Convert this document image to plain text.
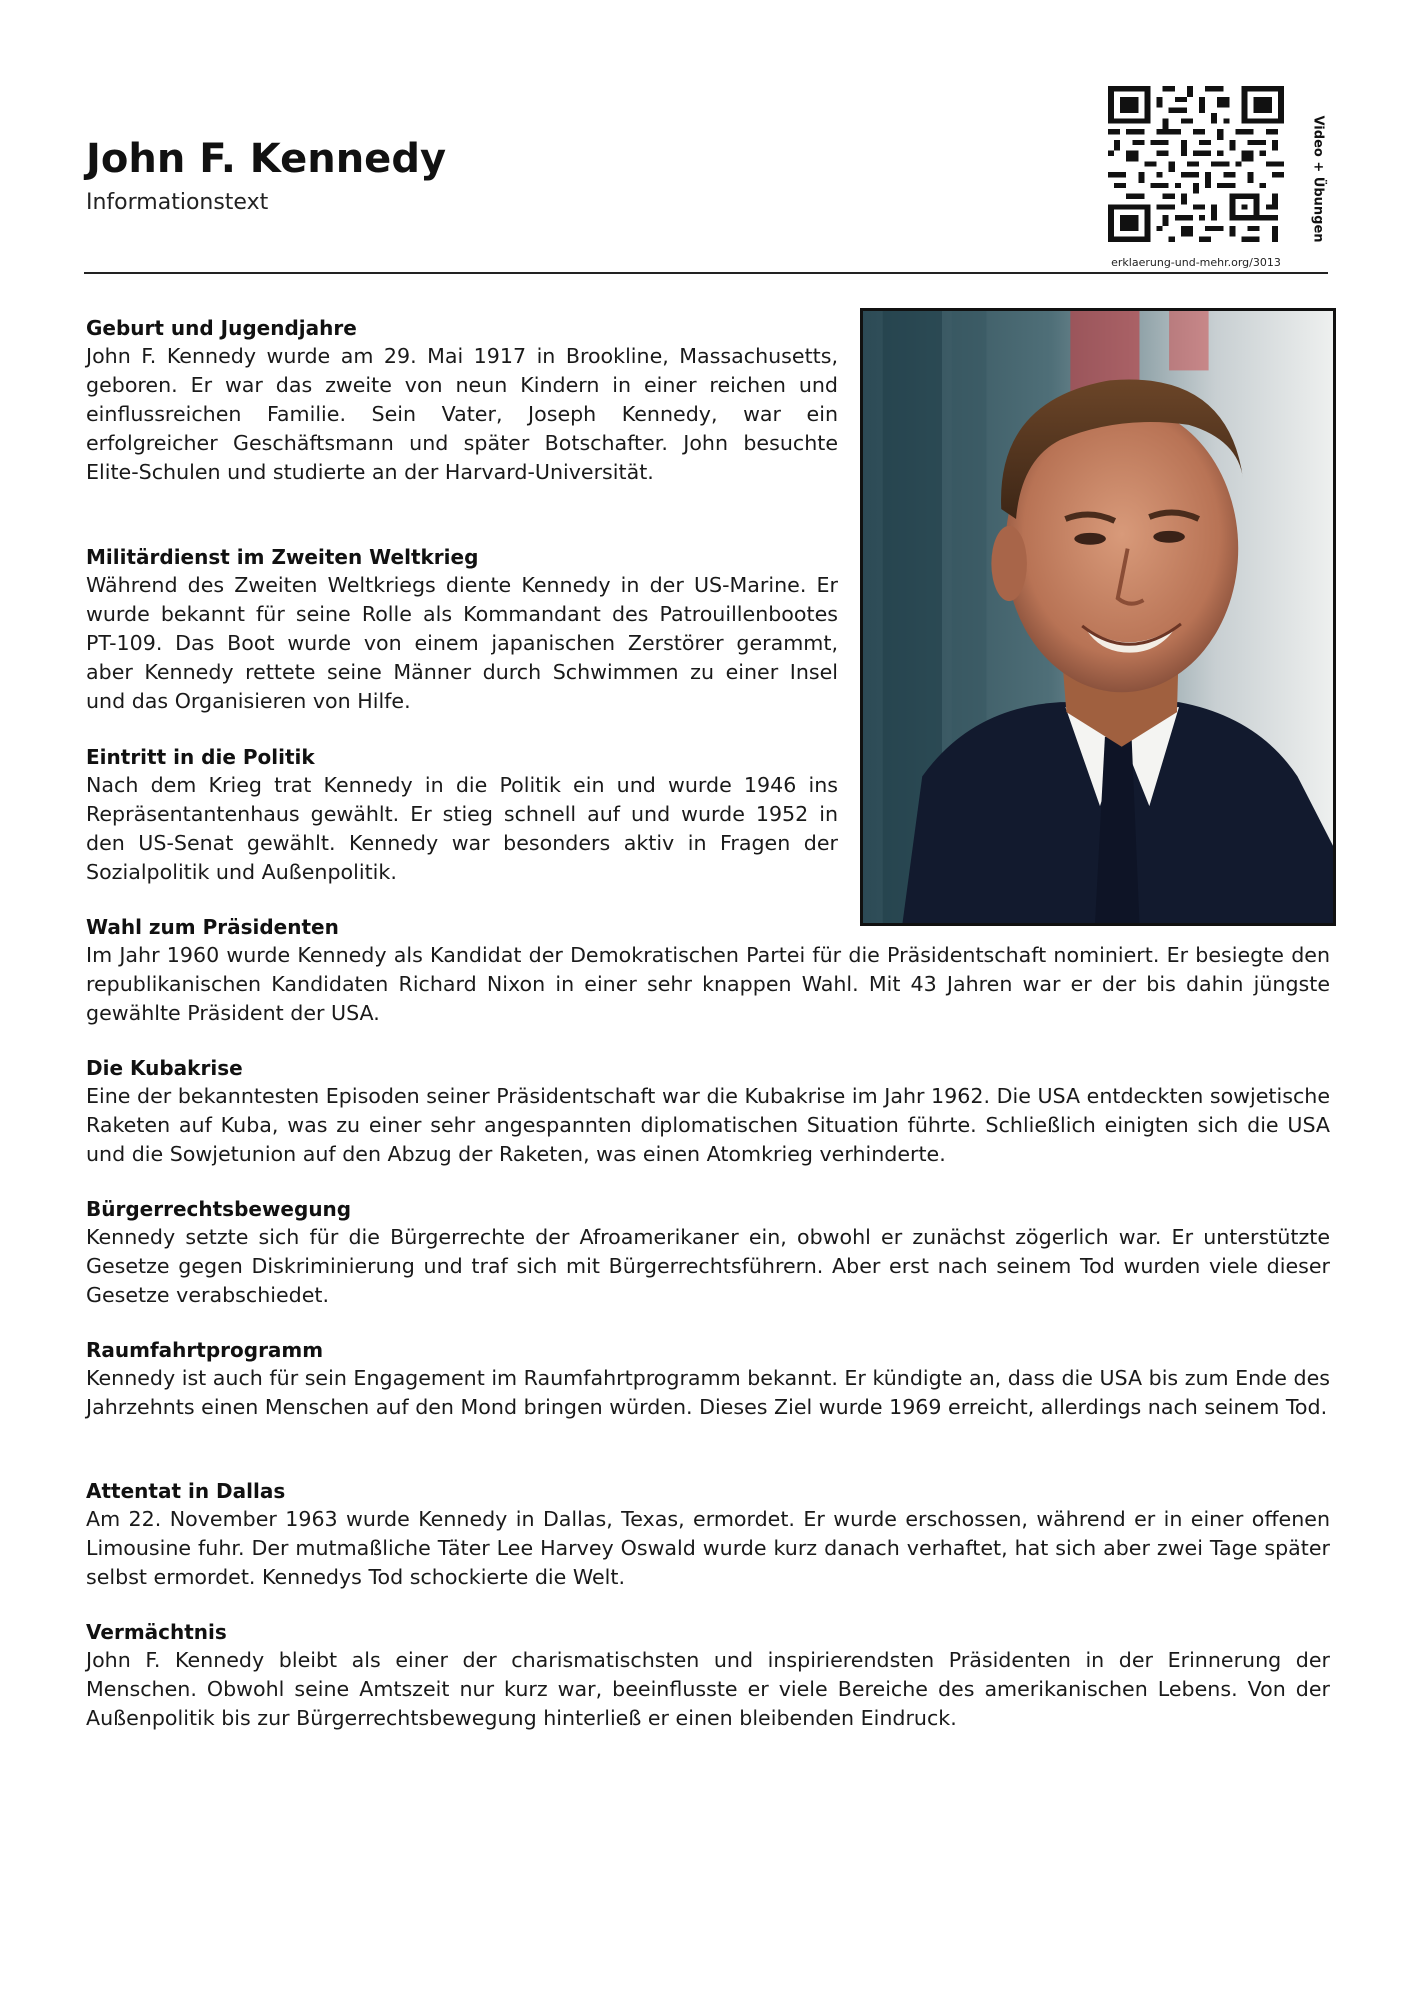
John F. Kennedy
Informationstext
erklaerung-und-mehr.org/3013
Video + Übungen
Geburt und Jugendjahre

John F. Kennedy wurde am 29. Mai 1917 in Brookline, Massachusetts, geboren. Er war das zweite von neun Kindern in einer reichen und einflussreichen Familie. Sein Vater, Joseph Kennedy, war ein erfolgreicher Geschäftsmann und später Botschafter. John besuchte Elite-Schulen und studierte an der Harvard-Universität.

Militärdienst im Zweiten Weltkrieg

Während des Zweiten Weltkriegs diente Kennedy in der US-Marine. Er wurde bekannt für seine Rolle als Kommandant des Patrouillenbootes PT-109. Das Boot wurde von einem japanischen Zerstörer gerammt, aber Kennedy rettete seine Männer durch Schwimmen zu einer Insel und das Organisieren von Hilfe.

Eintritt in die Politik

Nach dem Krieg trat Kennedy in die Politik ein und wurde 1946 ins Repräsentantenhaus gewählt. Er stieg schnell auf und wurde 1952 in den US-Senat gewählt. Kennedy war besonders aktiv in Fragen der Sozialpolitik und Außenpolitik.

Wahl zum Präsidenten

Im Jahr 1960 wurde Kennedy als Kandidat der Demokratischen Partei für die Präsidentschaft nominiert. Er besiegte den republikanischen Kandidaten Richard Nixon in einer sehr knappen Wahl. Mit 43 Jahren war er der bis dahin jüngste gewählte Präsident der USA.

Die Kubakrise

Eine der bekanntesten Episoden seiner Präsidentschaft war die Kubakrise im Jahr 1962. Die USA entdeckten sowjetische Raketen auf Kuba, was zu einer sehr angespannten diplomatischen Situation führte. Schließlich einigten sich die USA und die Sowjetunion auf den Abzug der Raketen, was einen Atomkrieg verhinderte.

Bürgerrechtsbewegung

Kennedy setzte sich für die Bürgerrechte der Afroamerikaner ein, obwohl er zunächst zögerlich war. Er unterstützte Gesetze gegen Diskriminierung und traf sich mit Bürgerrechtsführern. Aber erst nach seinem Tod wurden viele dieser Gesetze verabschiedet.

Raumfahrtprogramm

Kennedy ist auch für sein Engagement im Raumfahrtprogramm bekannt. Er kündigte an, dass die USA bis zum Ende des Jahrzehnts einen Menschen auf den Mond bringen würden. Dieses Ziel wurde 1969 erreicht, allerdings nach seinem Tod.

Attentat in Dallas

Am 22. November 1963 wurde Kennedy in Dallas, Texas, ermordet. Er wurde erschossen, während er in einer offenen Limousine fuhr. Der mutmaßliche Täter Lee Harvey Oswald wurde kurz danach verhaftet, hat sich aber zwei Tage später selbst ermordet. Kennedys Tod schockierte die Welt.

Vermächtnis

John F. Kennedy bleibt als einer der charismatischsten und inspirierendsten Präsidenten in der Erinnerung der Menschen. Obwohl seine Amtszeit nur kurz war, beeinflusste er viele Bereiche des amerikanischen Lebens. Von der Außenpolitik bis zur Bürgerrechtsbewegung hinterließ er einen bleibenden Eindruck.
